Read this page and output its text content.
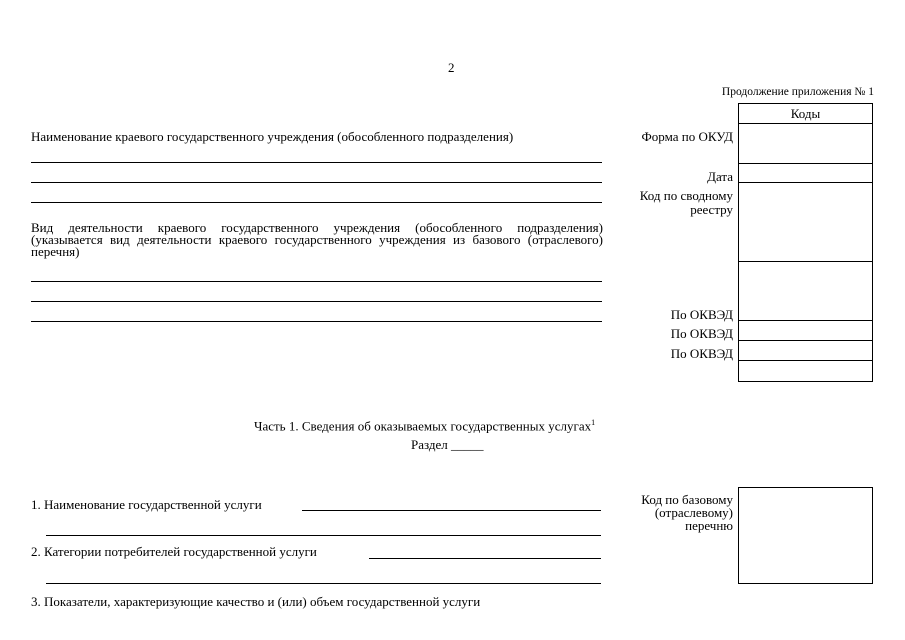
2
Продолжение приложения № 1
Коды
Форма по ОКУД
Дата
Код по сводному реестру
По ОКВЭД
По ОКВЭД
По ОКВЭД
Наименование краевого государственного учреждения (обособленного подразделения)
Вид деятельности краевого государственного учреждения (обособленного подразделения) (указывается вид деятельности краевого государственного учреждения из базового (отраслевого) перечня)
Часть 1. Сведения об оказываемых государственных услугах$^1$
Раздел _____
1. Наименование государственной услуги
2. Категории потребителей государственной услуги
3. Показатели, характеризующие качество и (или) объем государственной услуги
Код по базовому (отраслевому) перечню
